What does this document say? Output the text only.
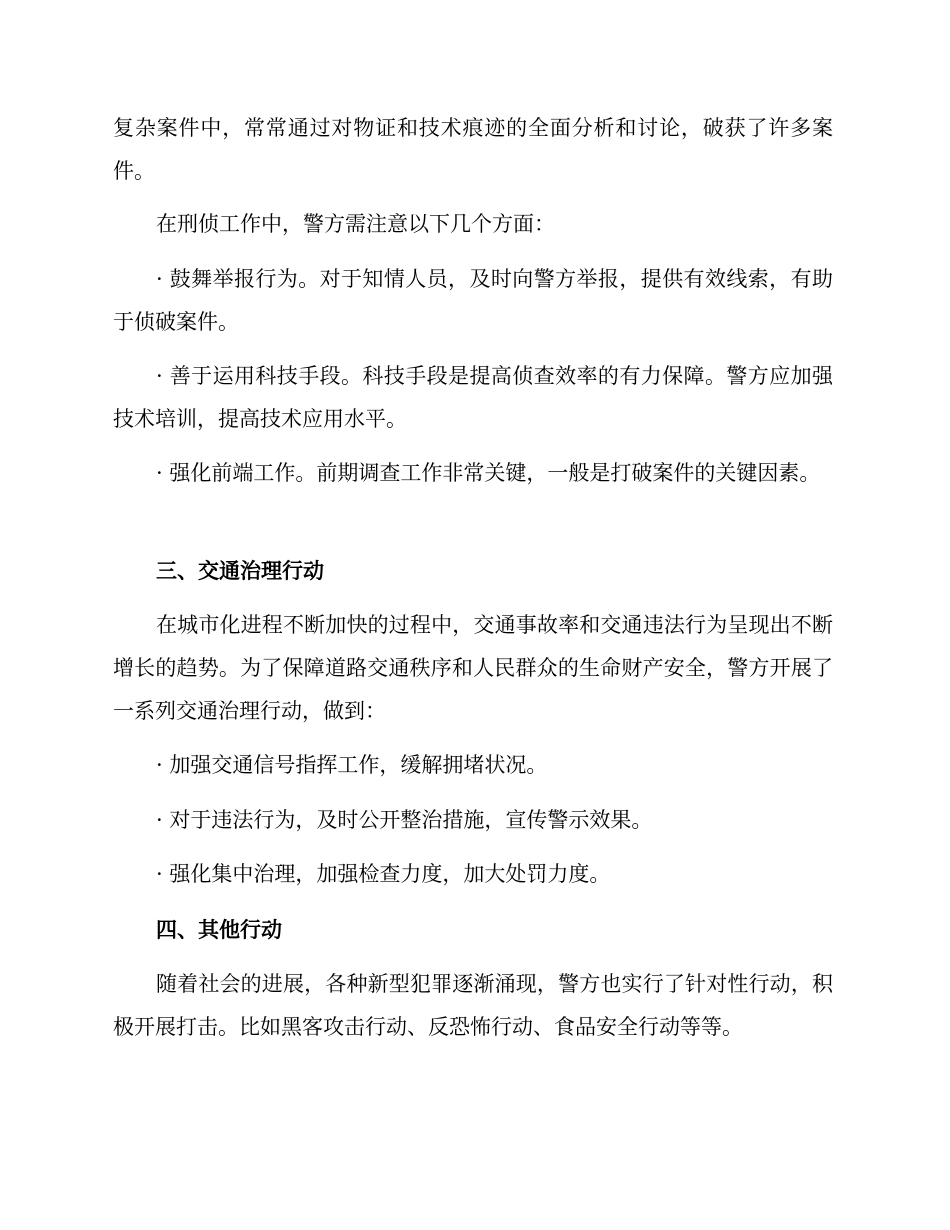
复杂案件中，常常通过对物证和技术痕迹的全面分析和讨论，破获了许多案件。

在刑侦工作中，警方需注意以下几个方面：

· 鼓舞举报行为。对于知情人员，及时向警方举报，提供有效线索，有助于侦破案件。

· 善于运用科技手段。科技手段是提高侦查效率的有力保障。警方应加强技术培训，提高技术应用水平。

· 强化前端工作。前期调查工作非常关键，一般是打破案件的关键因素。

三、交通治理行动

在城市化进程不断加快的过程中，交通事故率和交通违法行为呈现出不断增长的趋势。为了保障道路交通秩序和人民群众的生命财产安全，警方开展了一系列交通治理行动，做到：

· 加强交通信号指挥工作，缓解拥堵状况。

· 对于违法行为，及时公开整治措施，宣传警示效果。

· 强化集中治理，加强检查力度，加大处罚力度。

四、其他行动

随着社会的进展，各种新型犯罪逐渐涌现，警方也实行了针对性行动，积极开展打击。比如黑客攻击行动、反恐怖行动、食品安全行动等等。
